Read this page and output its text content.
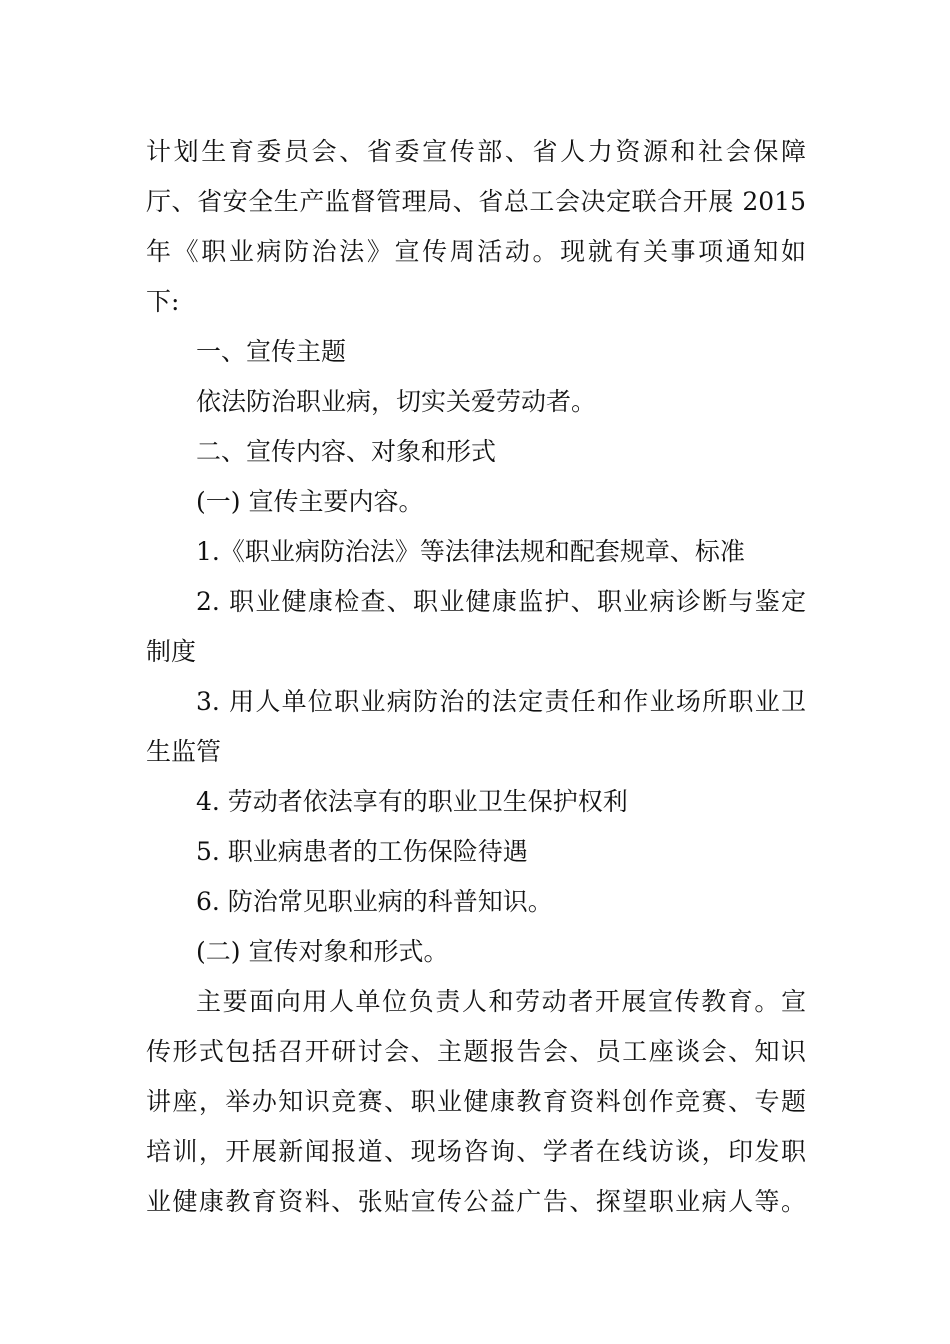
计划生育委员会、省委宣传部、省人力资源和社会保障
厅、省安全生产监督管理局、省总工会决定联合开展 2015
年《职业病防治法》宣传周活动。现就有关事项通知如
下:
一、宣传主题
依法防治职业病，切实关爱劳动者。
二、宣传内容、对象和形式
(一) 宣传主要内容。
1.《职业病防治法》等法律法规和配套规章、标准
2. 职业健康检查、职业健康监护、职业病诊断与鉴定
制度
3. 用人单位职业病防治的法定责任和作业场所职业卫
生监管
4. 劳动者依法享有的职业卫生保护权利
5. 职业病患者的工伤保险待遇
6. 防治常见职业病的科普知识。
(二) 宣传对象和形式。
主要面向用人单位负责人和劳动者开展宣传教育。宣
传形式包括召开研讨会、主题报告会、员工座谈会、知识
讲座，举办知识竞赛、职业健康教育资料创作竞赛、专题
培训，开展新闻报道、现场咨询、学者在线访谈，印发职
业健康教育资料、张贴宣传公益广告、探望职业病人等。
